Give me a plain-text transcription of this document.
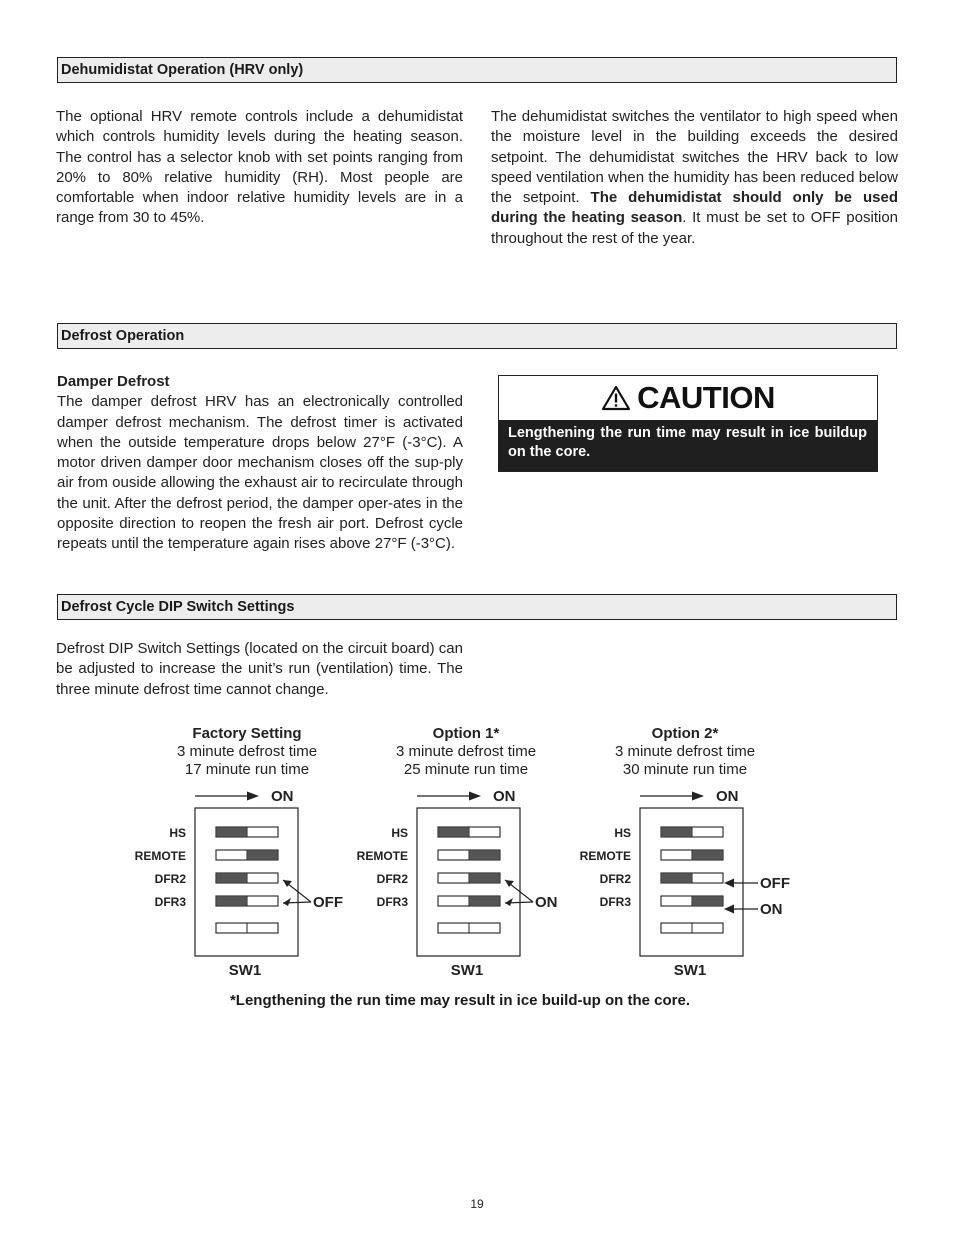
Dehumidistat Operation (HRV only)
The optional HRV remote controls include a dehumidistat which controls humidity levels during the heating season. The control has a selector knob with set points ranging from 20% to 80% relative humidity (RH). Most people are comfortable when indoor relative humidity levels are in a range from 30 to 45%.
The dehumidistat switches the ventilator to high speed when the moisture level in the building exceeds the desired setpoint. The dehumidistat switches the HRV back to low speed ventilation when the humidity has been reduced below the setpoint. The dehumidistat should only be used during the heating season. It must be set to OFF position throughout the rest of the year.
Defrost Operation
Damper Defrost
The damper defrost HRV has an electronically controlled damper defrost mechanism. The defrost timer is activated when the outside temperature drops below 27°F (-3°C). A motor driven damper door mechanism closes off the sup-ply air from ouside allowing the exhaust air to recirculate through the unit. After the defrost period, the damper oper-ates in the opposite direction to reopen the fresh air port. Defrost cycle repeats until the temperature again rises above 27°F (-3°C).
CAUTION
Lengthening the run time may result in ice buildup on the core.
Defrost Cycle DIP Switch Settings
Defrost DIP Switch Settings (located on the circuit board) can be adjusted to increase the unit’s run (ventilation) time. The three minute defrost time cannot change.
Factory Setting
3 minute defrost time
17 minute run time
Option 1*
3 minute defrost time
25 minute run time
Option 2*
3 minute defrost time
30 minute run time
ON
HS
REMOTE
DFR2
DFR3
SW1
OFF
ON
HS
REMOTE
DFR2
DFR3
SW1
ON
ON
HS
REMOTE
DFR2
DFR3
SW1
OFF
ON
*Lengthening the run time may result in ice build-up on the core.
19
